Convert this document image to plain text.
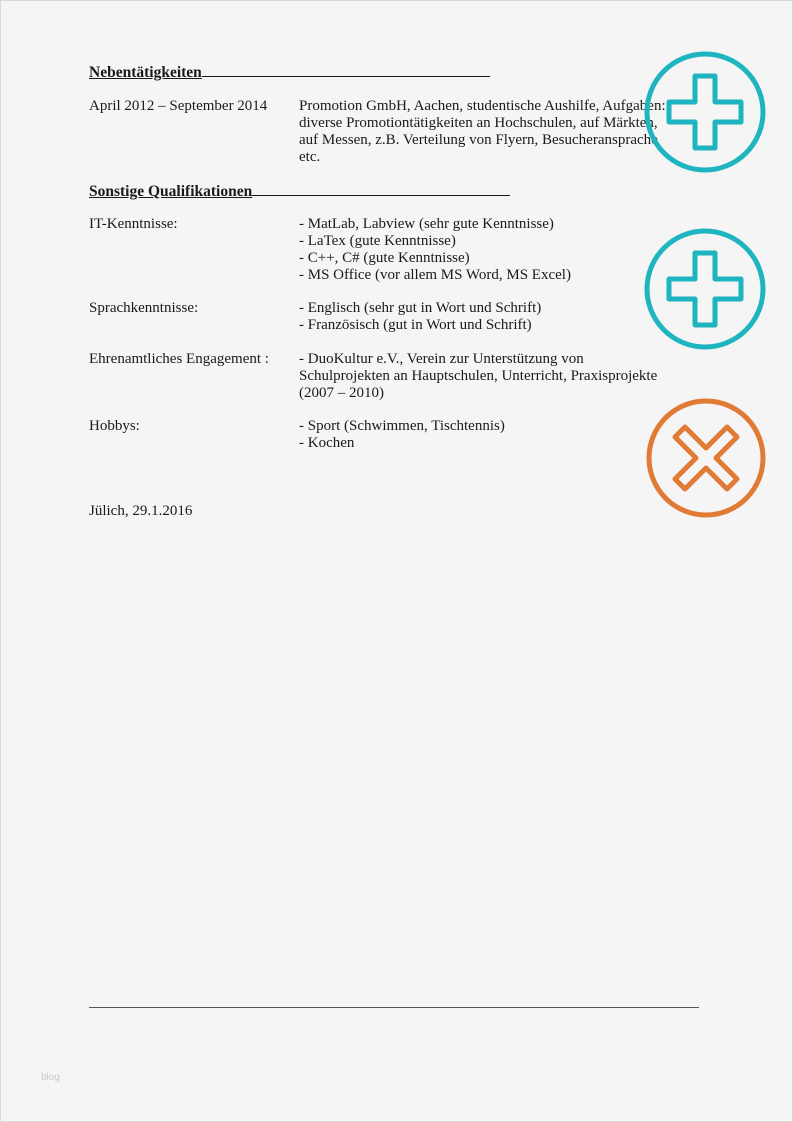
Nebentätigkeiten
April 2012 – September 2014 Promotion GmbH, Aachen, studentische Aushilfe, Aufgaben:
diverse Promotiontätigkeiten an Hochschulen, auf Märkten,
auf Messen, z.B. Verteilung von Flyern, Besucheransprache
etc.
Sonstige Qualifikationen
IT-Kenntnisse:	- MatLab, Labview (sehr gute Kenntnisse)
- LaTex (gute Kenntnisse)
- C++, C# (gute Kenntnisse)
- MS Office (vor allem MS Word, MS Excel)
Sprachkenntnisse:	- Englisch (sehr gut in Wort und Schrift)
- Französisch (gut in Wort und Schrift)
Ehrenamtliches Engagement : - DuoKultur e.V., Verein zur Unterstützung von
Schulprojekten an Hauptschulen, Unterricht, Praxisprojekte
(2007 – 2010)
Hobbys:	- Sport (Schwimmen, Tischtennis)
- Kochen
Jülich, 29.1.2016
blog
